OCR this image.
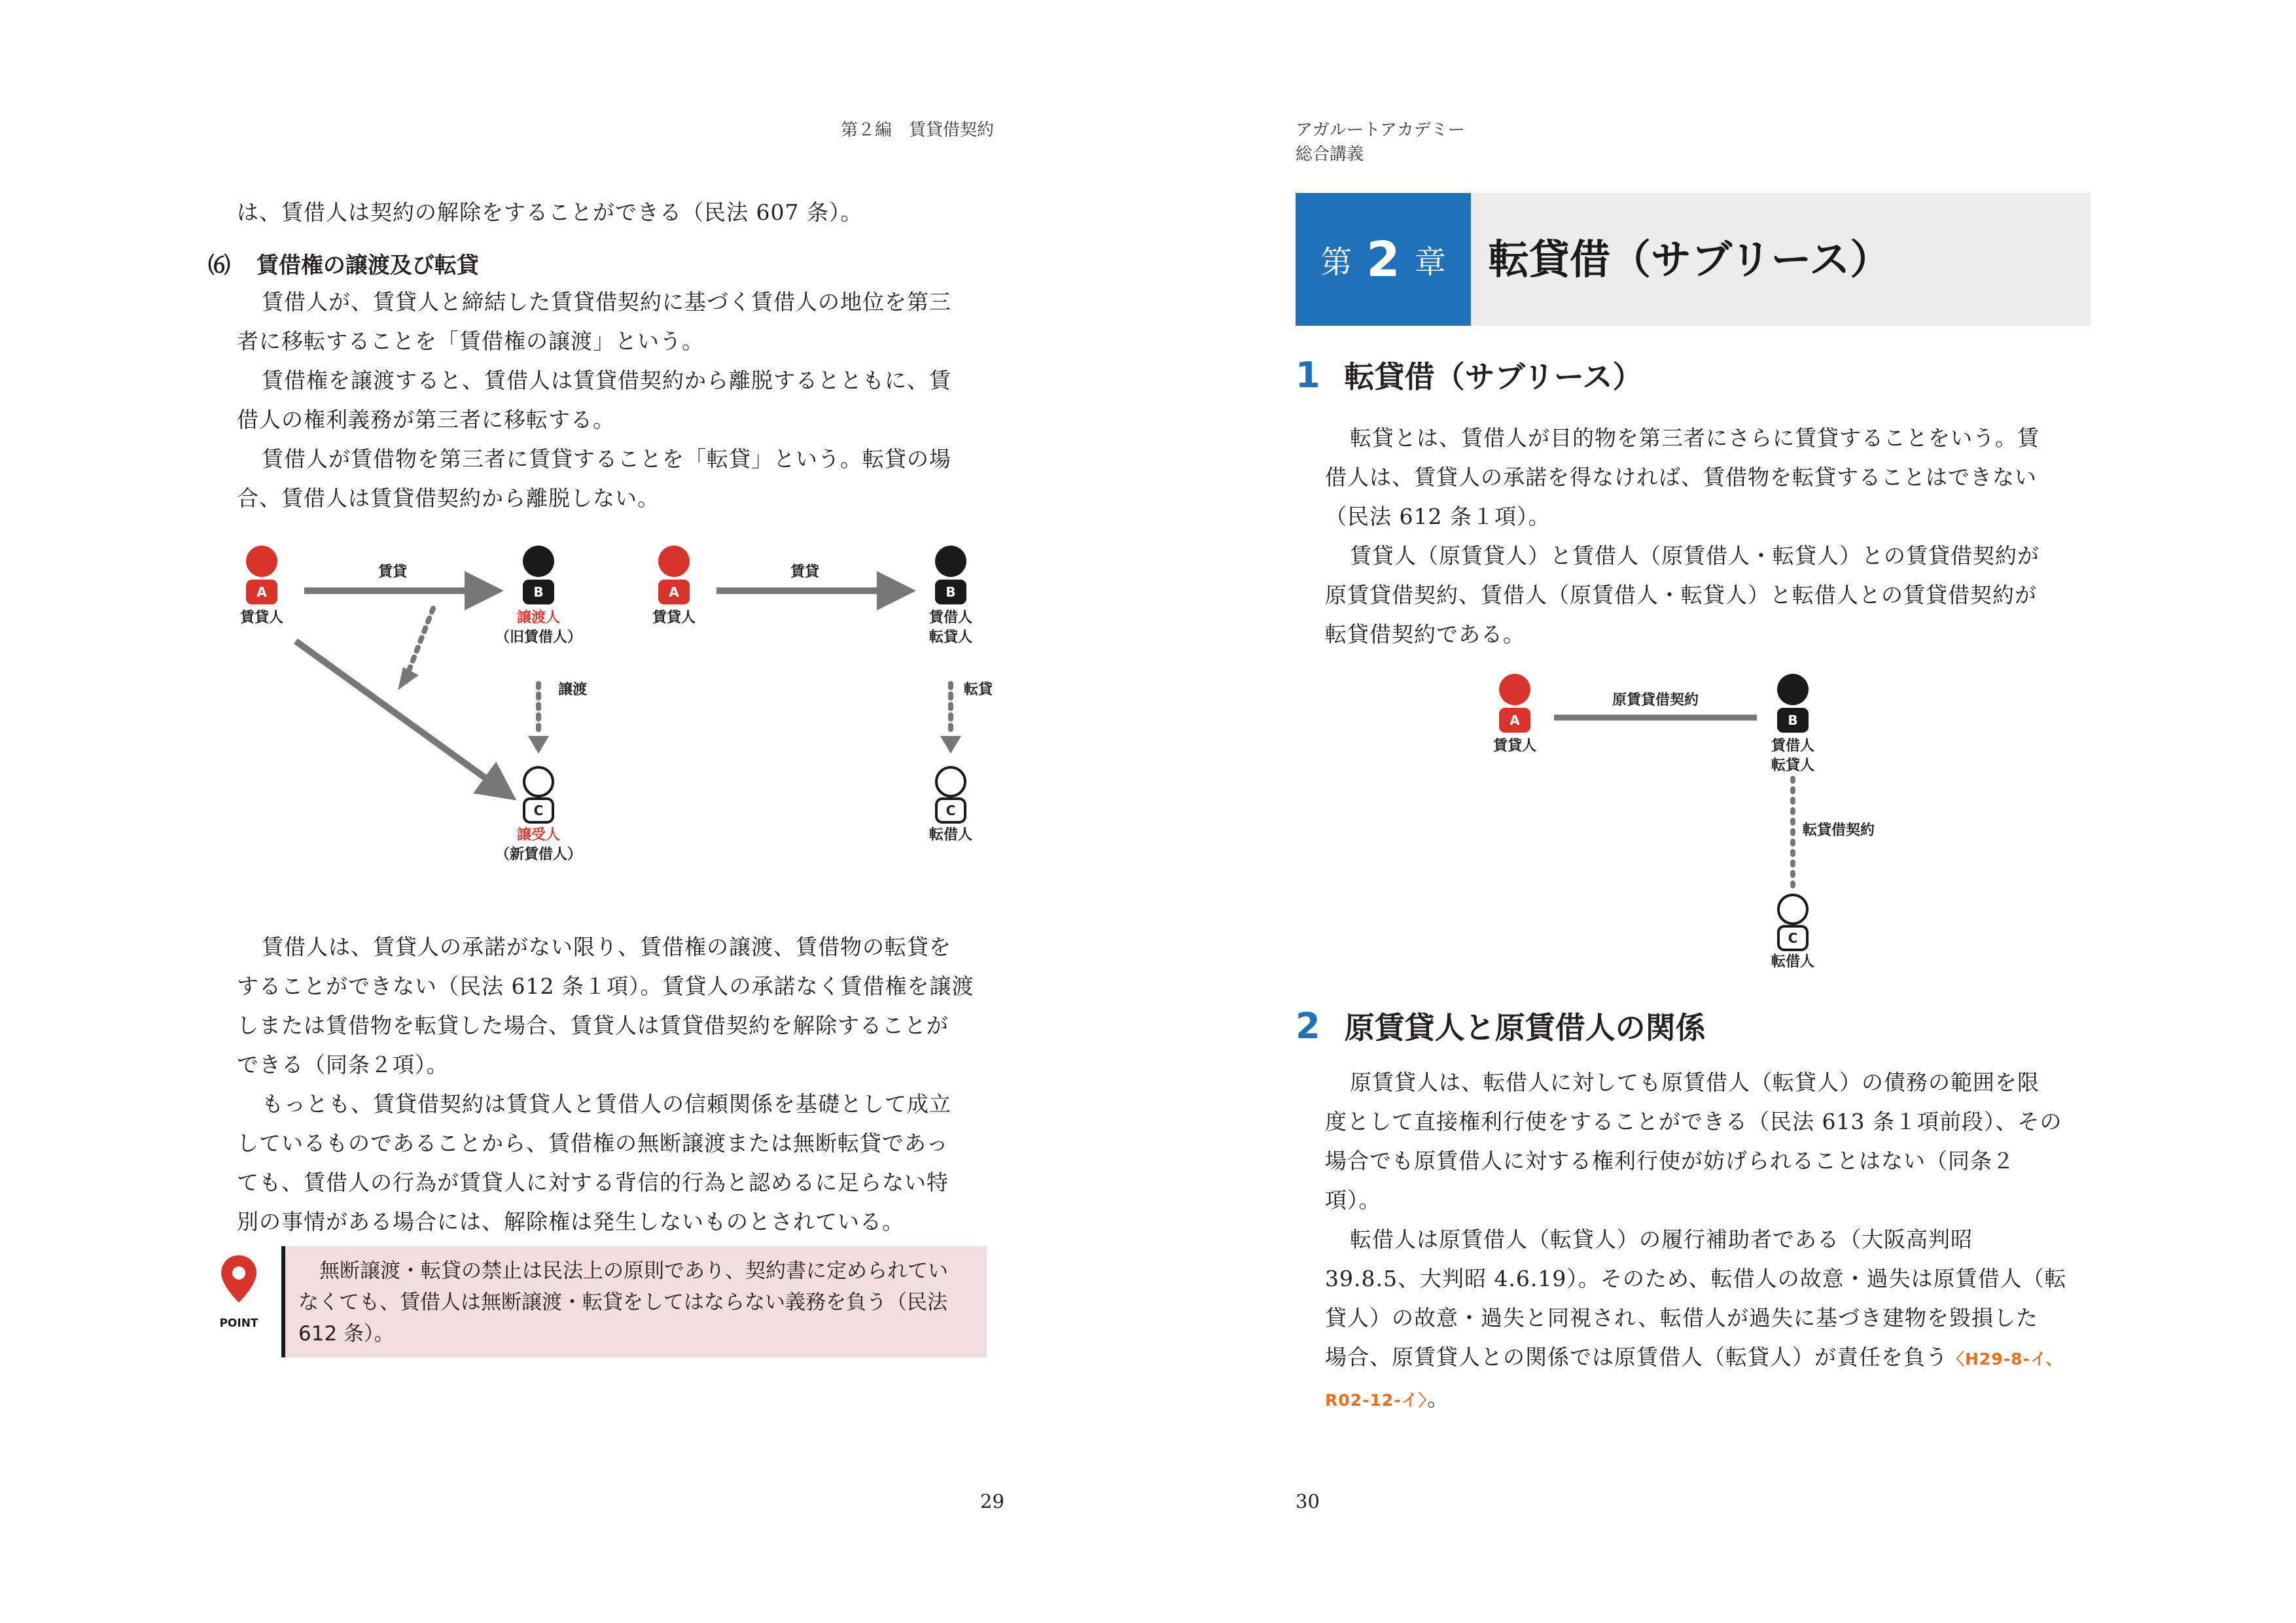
第２編　賃貸借契約
は、賃借人は契約の解除をすることができる（民法 607 条）。
⑹ 賃借権の譲渡及び転貸
賃借人が、賃貸人と締結した賃貸借契約に基づく賃借人の地位を第三
者に移転することを「賃借権の譲渡」という。
賃借権を譲渡すると、賃借人は賃貸借契約から離脱するとともに、賃
借人の権利義務が第三者に移転する。
賃借人が賃借物を第三者に賃貸することを「転貸」という。転貸の場
合、賃借人は賃貸借契約から離脱しない。
A	B
C
賃貸人
賃貸
譲渡人
（旧賃借人）
譲渡
譲受人
（新賃借人）
A	B
C
賃貸人
賃貸
賃借人
転貸人
転貸
転借人
賃借人は、賃貸人の承諾がない限り、賃借権の譲渡、賃借物の転貸を
することができない（民法 612 条１項）。賃貸人の承諾なく賃借権を譲渡
しまたは賃借物を転貸した場合、賃貸人は賃貸借契約を解除することが
できる（同条２項）。
もっとも、賃貸借契約は賃貸人と賃借人の信頼関係を基礎として成立
しているものであることから、賃借権の無断譲渡または無断転貸であっ
ても、賃借人の行為が賃貸人に対する背信的行為と認めるに足らない特
別の事情がある場合には、解除権は発生しないものとされている。
POINT
無断譲渡・転貸の禁止は民法上の原則であり、契約書に定められてい
なくても、賃借人は無断譲渡・転貸をしてはならない義務を負う（民法
612 条）。
29
アガルートアカデミー
総合講義
第 2 章 転貸借（サブリース）
1 転貸借（サブリース）
転貸とは、賃借人が目的物を第三者にさらに賃貸することをいう。賃
借人は、賃貸人の承諾を得なければ、賃借物を転貸することはできない
（民法 612 条１項）。
賃貸人（原賃貸人）と賃借人（原賃借人・転貸人）との賃貸借契約が
原賃貸借契約、賃借人（原賃借人・転貸人）と転借人との賃貸借契約が
転貸借契約である。
A	B
C
賃貸人
原賃貸借契約
賃借人
転貸人
転貸借契約
転借人
2 原賃貸人と原賃借人の関係
原賃貸人は、転借人に対しても原賃借人（転貸人）の債務の範囲を限
度として直接権利行使をすることができる（民法 613 条１項前段）、その
場合でも原賃借人に対する権利行使が妨げられることはない（同条２
項）。
転借人は原賃借人（転貸人）の履行補助者である（大阪高判昭
39.8.5、大判昭 4.6.19）。そのため、転借人の故意・過失は原賃借人（転
貸人）の故意・過失と同視され、転借人が過失に基づき建物を毀損した
場合、原賃貸人との関係では原賃借人（転貸人）が責任を負う〈H29-8-イ、
R02-12-イ〉。
30
